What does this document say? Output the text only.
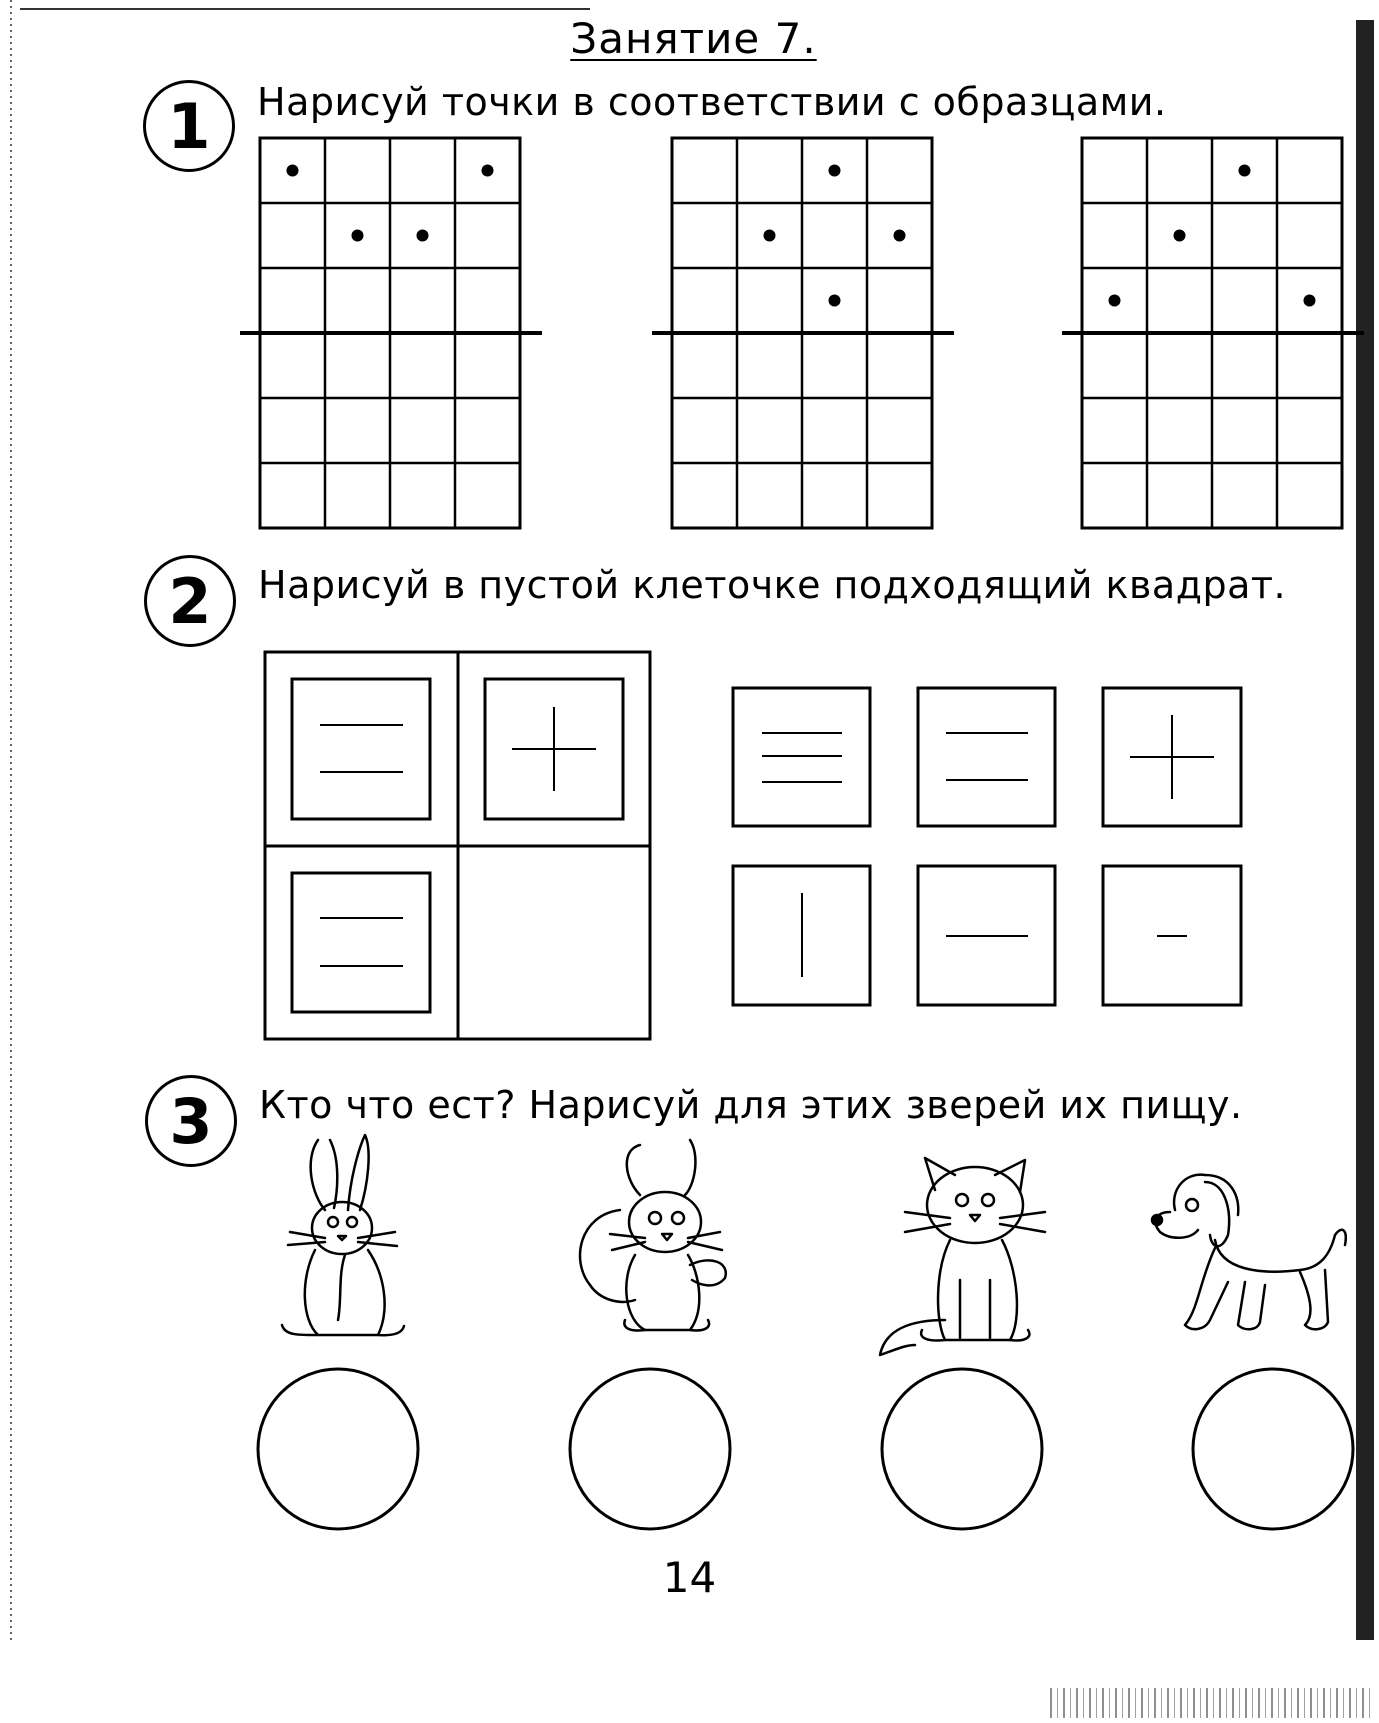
Занятие 7.
1	Нарисуй точки в соответствии с образцами.
2	Нарисуй в пустой клеточке подходящий квадрат.
3	Кто что ест? Нарисуй для этих зверей их пищу.
14
